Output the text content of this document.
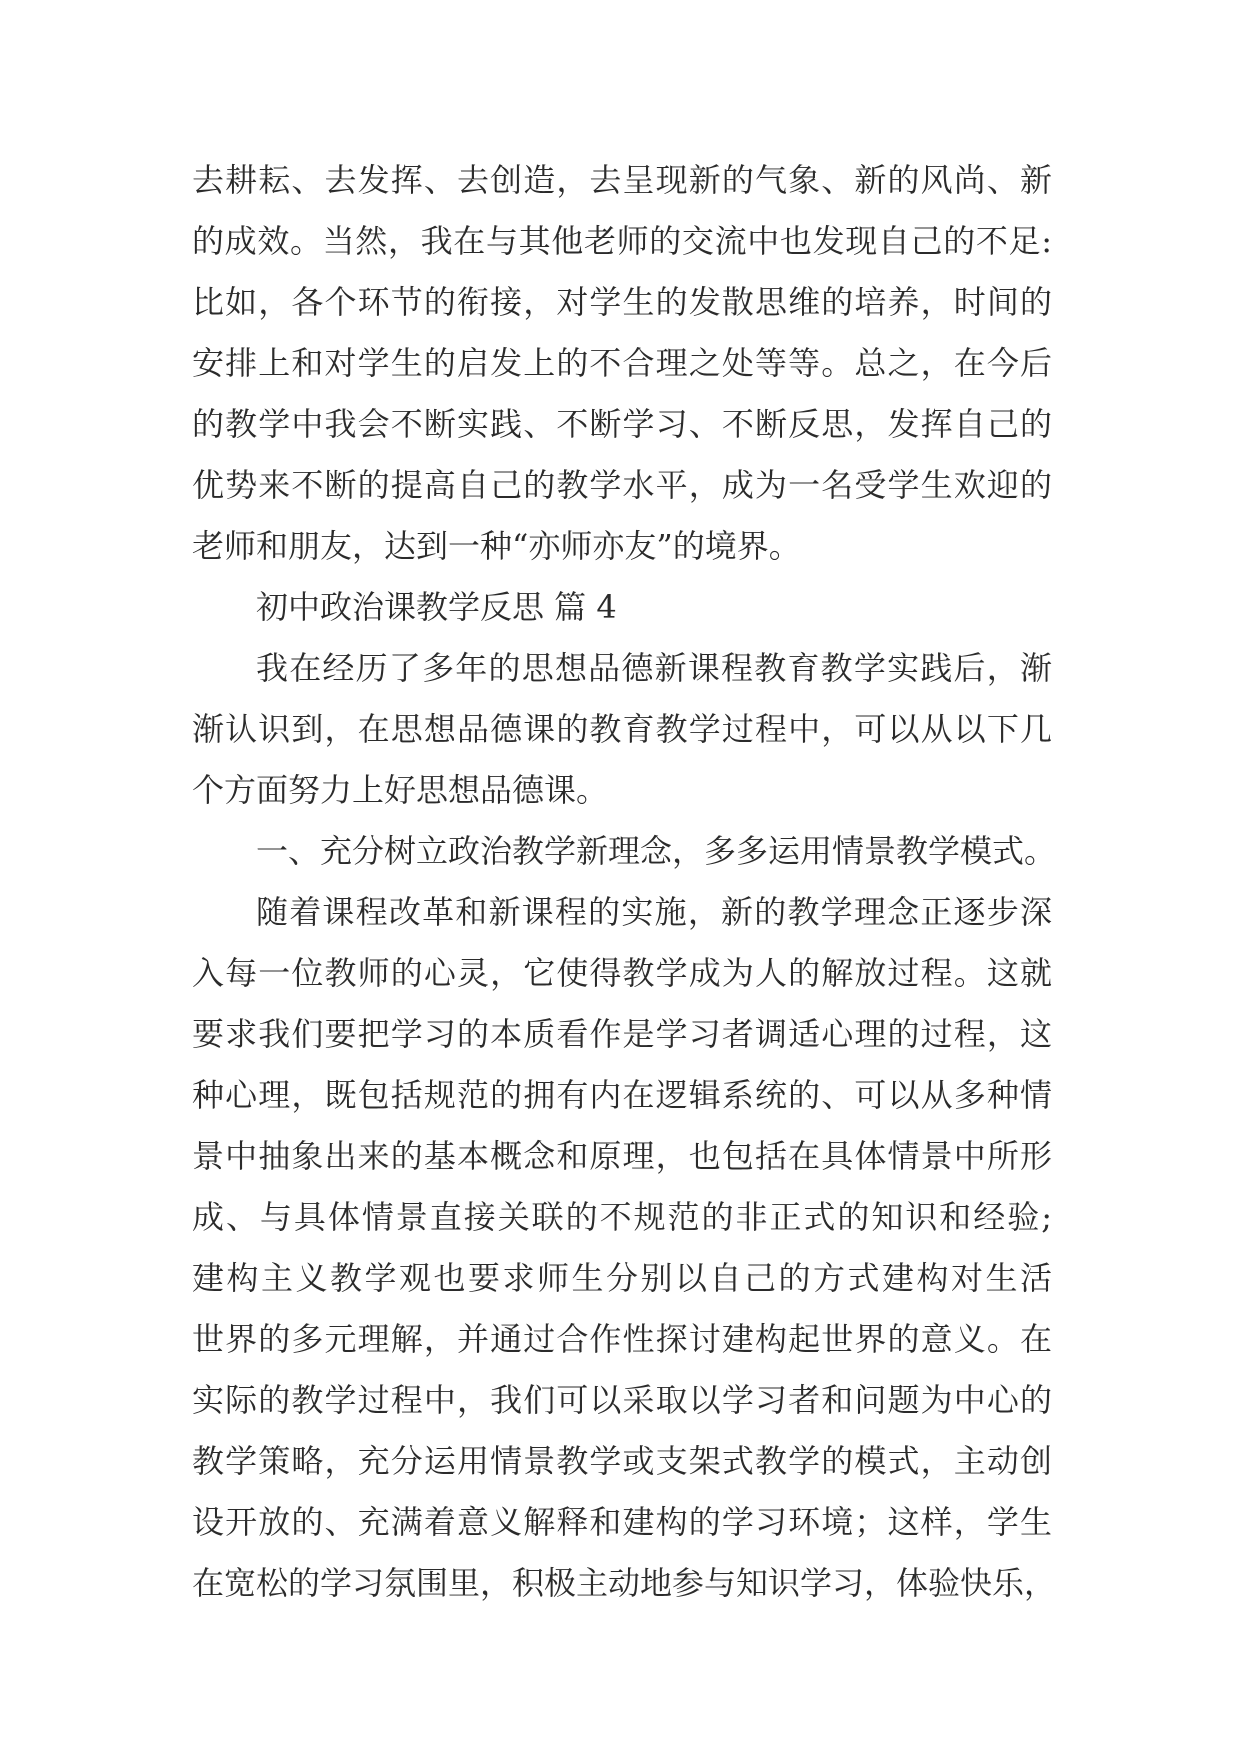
去耕耘、去发挥、去创造，去呈现新的气象、新的风尚、新
的成效。当然，我在与其他老师的交流中也发现自己的不足:
比如，各个环节的衔接，对学生的发散思维的培养，时间的
安排上和对学生的启发上的不合理之处等等。总之，在今后
的教学中我会不断实践、不断学习、不断反思，发挥自己的
优势来不断的提高自己的教学水平，成为一名受学生欢迎的
老师和朋友，达到一种“亦师亦友”的境界。
初中政治课教学反思 篇 4
我在经历了多年的思想品德新课程教育教学实践后，渐
渐认识到，在思想品德课的教育教学过程中，可以从以下几
个方面努力上好思想品德课。
一、充分树立政治教学新理念，多多运用情景教学模式。
随着课程改革和新课程的实施，新的教学理念正逐步深
入每一位教师的心灵，它使得教学成为人的解放过程。这就
要求我们要把学习的本质看作是学习者调适心理的过程，这
种心理，既包括规范的拥有内在逻辑系统的、可以从多种情
景中抽象出来的基本概念和原理，也包括在具体情景中所形
成、与具体情景直接关联的不规范的非正式的知识和经验;
建构主义教学观也要求师生分别以自己的方式建构对生活
世界的多元理解，并通过合作性探讨建构起世界的意义。在
实际的教学过程中，我们可以采取以学习者和问题为中心的
教学策略，充分运用情景教学或支架式教学的模式，主动创
设开放的、充满着意义解释和建构的学习环境；这样，学生
在宽松的学习氛围里，积极主动地参与知识学习，体验快乐，
